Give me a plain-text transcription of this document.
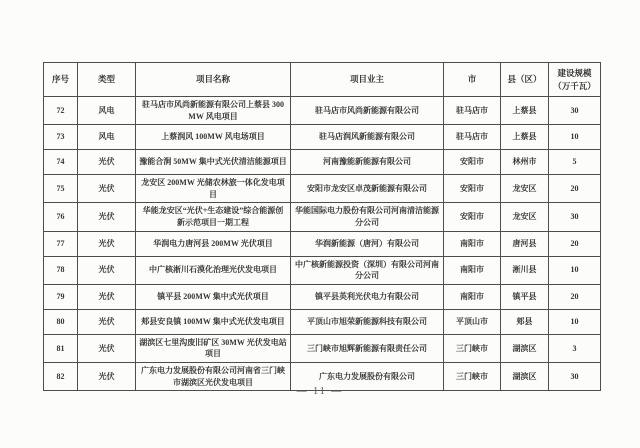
序号	类型	项目名称	项目业主	市	县（区）	建设规模
（万千瓦）

72	风电	驻马店市风尚新能源有限公司上蔡县 300MW 风电项目	驻马店市风尚新能源有限公司	驻马店市	上蔡县	30
73	风电	上蔡润风 100MW 风电场项目	驻马店润风新能源有限公司	驻马店市	上蔡县	10
74	光伏	豫能合涧 50MW 集中式光伏清洁能源项目	河南豫能新能源有限公司	安阳市	林州市	5
75	光伏	龙安区 200MW 光储农林旅一体化发电项目	安阳市龙安区卓茂新能源有限公司	安阳市	龙安区	20
76	光伏	华能龙安区“光伏+生态建设”综合能源创新示范项目一期工程	华能国际电力股份有限公司河南清洁能源分公司	安阳市	龙安区	30
77	光伏	华润电力唐河县 200MW 光伏项目	华润新能源（唐河）有限公司	南阳市	唐河县	20
78	光伏	中广核淅川石漠化治理光伏发电项目	中广核新能源投资（深圳）有限公司河南分公司	南阳市	淅川县	10
79	光伏	镇平县 200MW 集中式光伏项目	镇平县英利光伏电力有限公司	南阳市	镇平县	20
80	光伏	郏县安良镇 100MW 集中式光伏发电项目	平顶山市旭荣新能源科技有限公司	平顶山市	郏县	10
81	光伏	湖滨区七里沟废旧矿区 30MW 光伏发电站项目	三门峡市旭辉新能源有限责任公司	三门峡市	湖滨区	3
82	光伏	广东电力发展股份有限公司河南省三门峡市湖滨区光伏发电项目	广东电力发展股份有限公司	三门峡市	湖滨区	30
— 11 —
